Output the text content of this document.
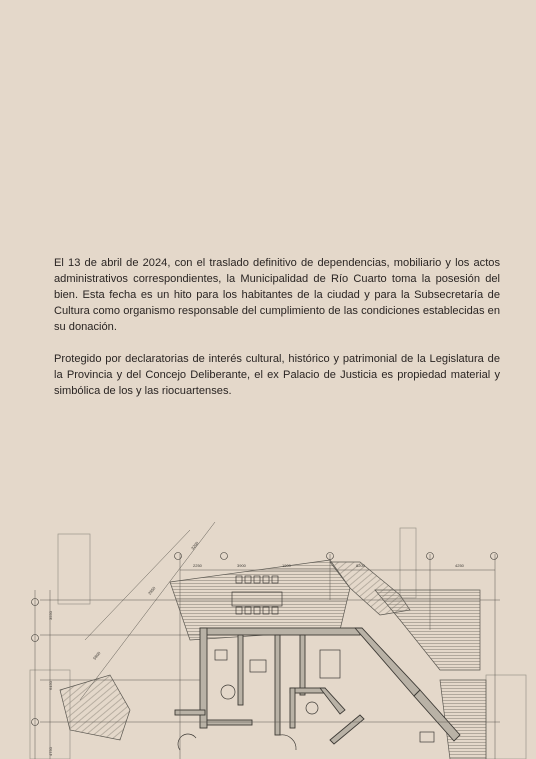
El 13 de abril de 2024, con el traslado definitivo de dependencias, mobiliario y los actos administrativos correspondientes, la Municipalidad de Río Cuarto toma la posesión del bien. Esta fecha es un hito para los habitantes de la ciudad y para la Subsecretaría de Cultura como organismo responsable del cumplimiento de las condiciones establecidas en su donación.

Protegido por declaratorias de interés cultural, histórico y patrimonial de la Legislatura de la Provincia y del Concejo Deliberante, el ex Palacio de Justicia es propiedad material y simbólica de los y las riocuartenses.

2250	3900	1900	8200	4250
3550
5800
2850
3200
6450
4750
